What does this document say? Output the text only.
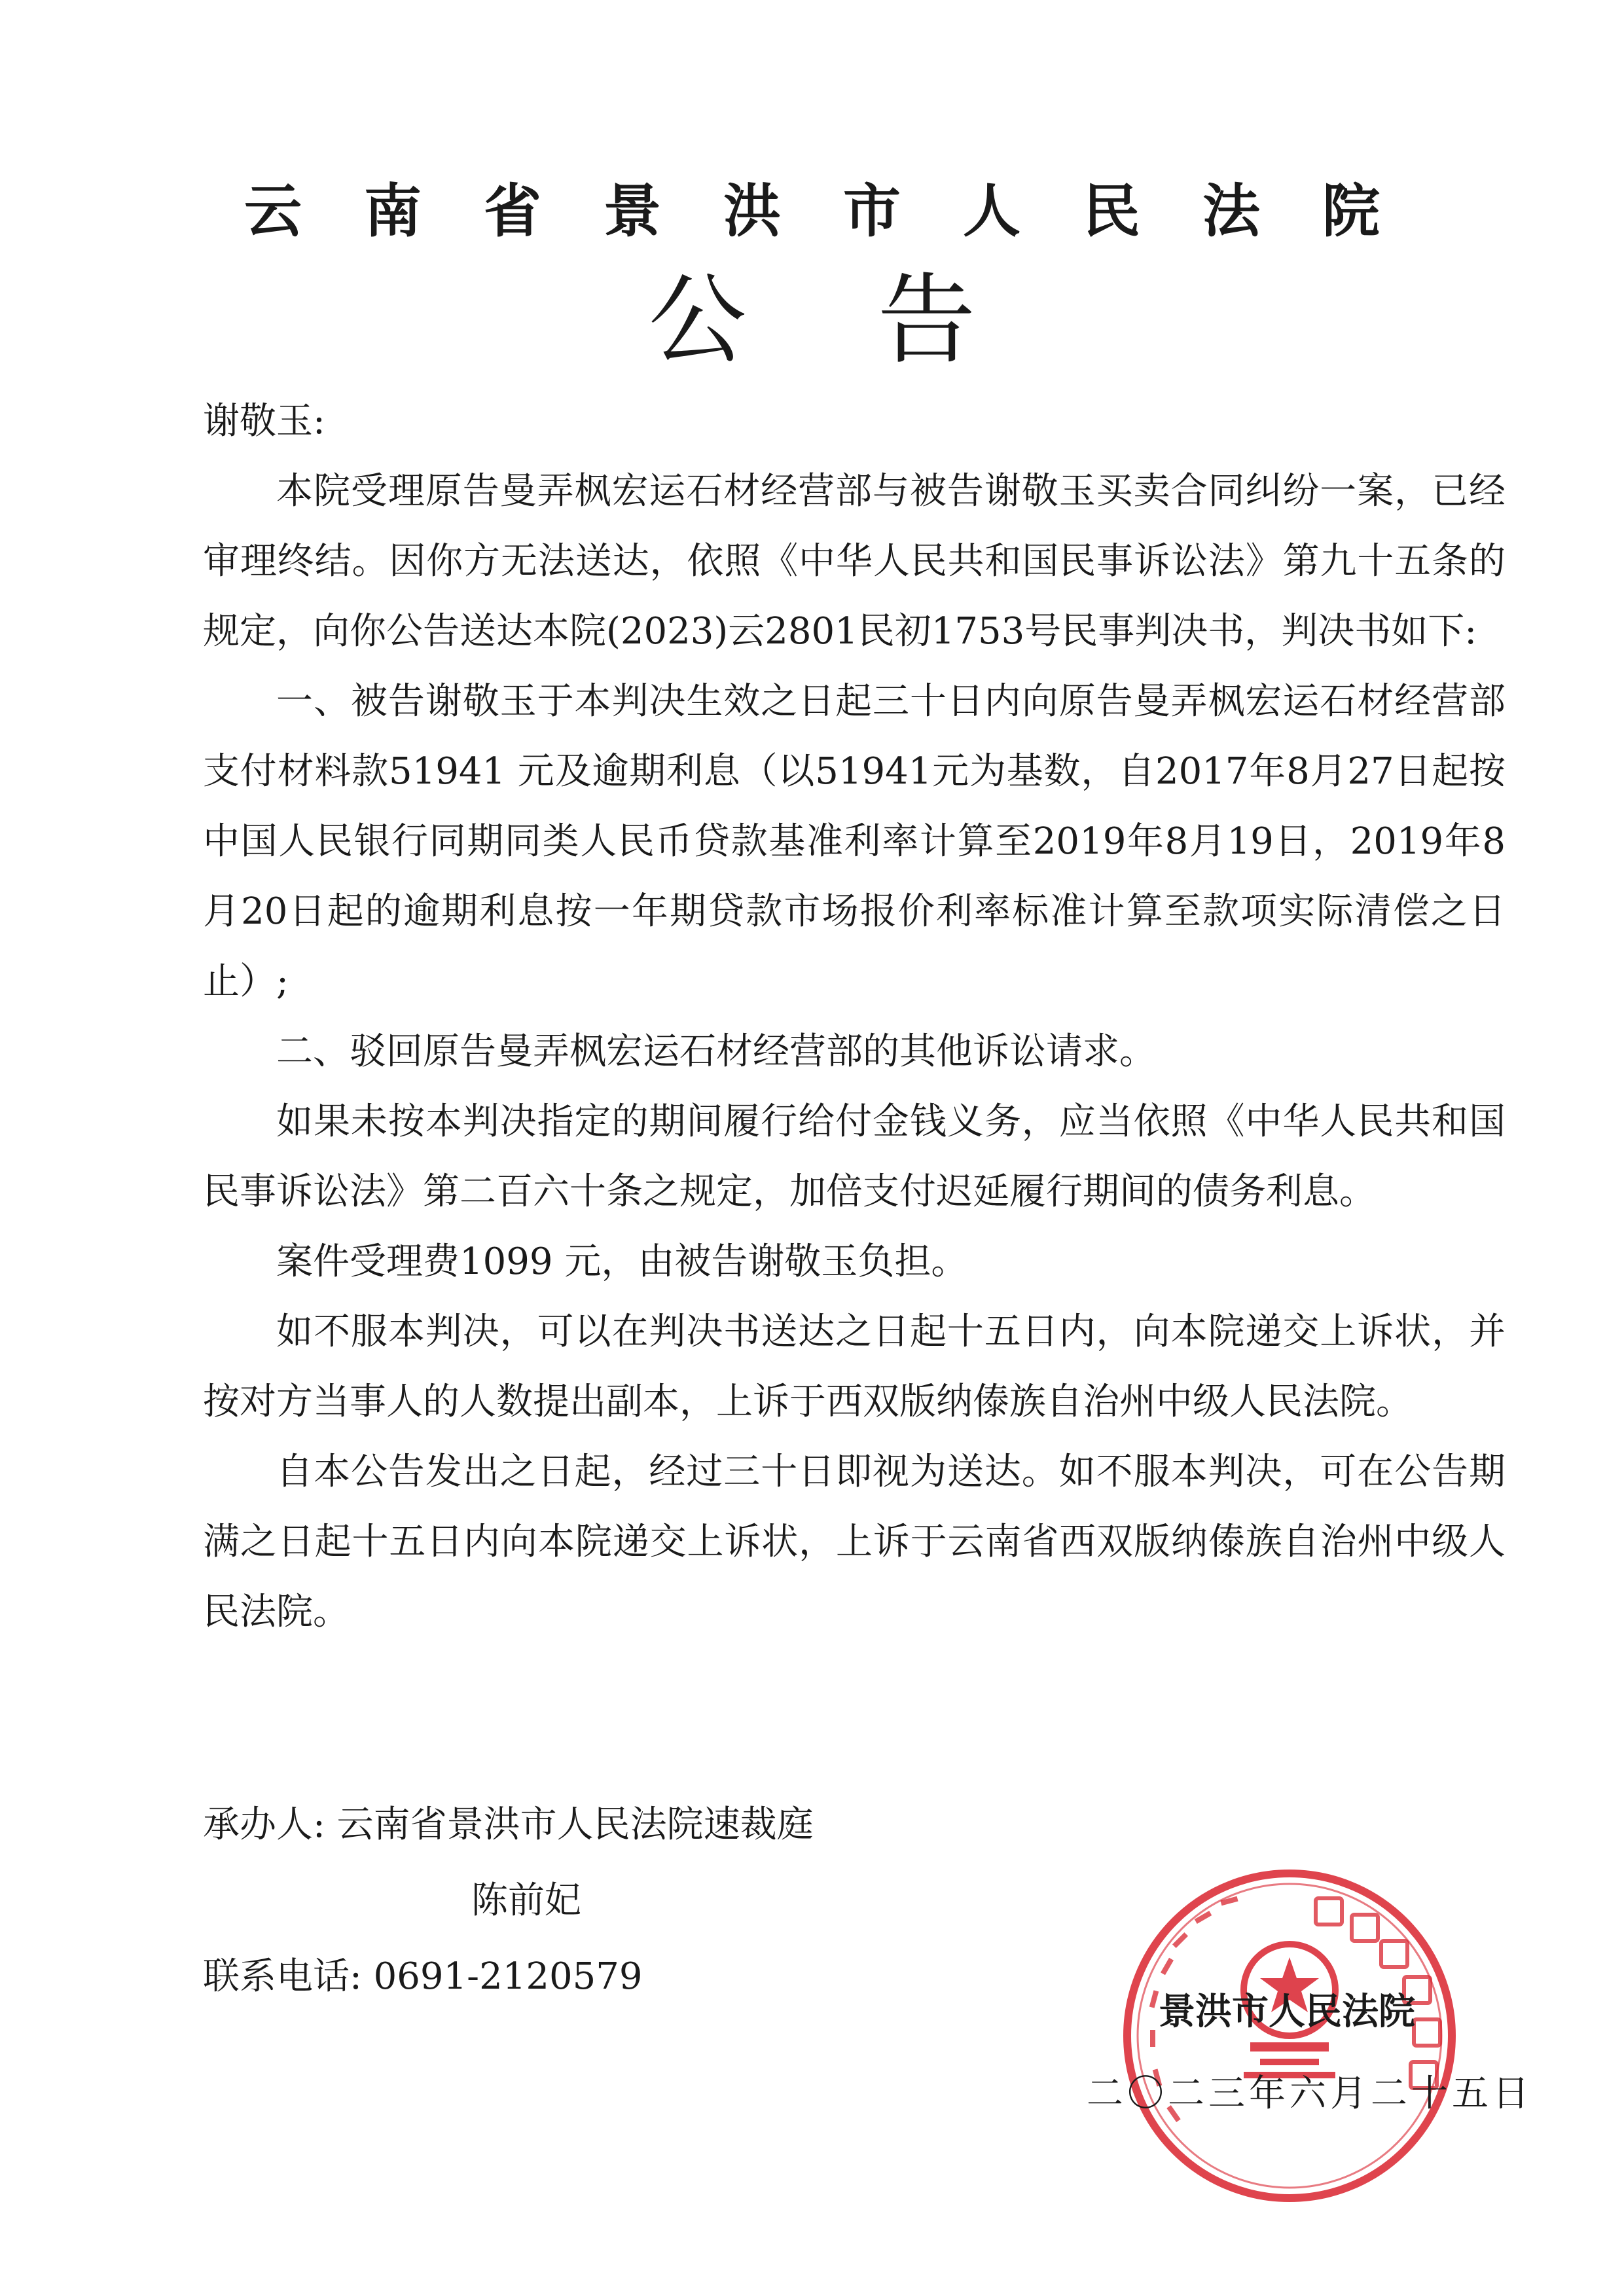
云南省景洪市人民法院
公告

谢敬玉:

本院受理原告曼弄枫宏运石材经营部与被告谢敬玉买卖合同纠纷一案，已经审理终结。因你方无法送达，依照《中华人民共和国民事诉讼法》第九十五条的规定，向你公告送达本院(2023)云2801民初1753号民事判决书，判决书如下:

一、被告谢敬玉于本判决生效之日起三十日内向原告曼弄枫宏运石材经营部支付材料款51941 元及逾期利息（以51941元为基数，自2017年8月27日起按中国人民银行同期同类人民币贷款基准利率计算至2019年8月19日，2019年8月20日起的逾期利息按一年期贷款市场报价利率标准计算至款项实际清偿之日止）;

二、驳回原告曼弄枫宏运石材经营部的其他诉讼请求。

如果未按本判决指定的期间履行给付金钱义务，应当依照《中华人民共和国民事诉讼法》第二百六十条之规定，加倍支付迟延履行期间的债务利息。

案件受理费1099 元，由被告谢敬玉负担。

如不服本判决，可以在判决书送达之日起十五日内，向本院递交上诉状，并按对方当事人的人数提出副本，上诉于西双版纳傣族自治州中级人民法院。

自本公告发出之日起，经过三十日即视为送达。如不服本判决，可在公告期满之日起十五日内向本院递交上诉状，上诉于云南省西双版纳傣族自治州中级人民法院。

承办人: 云南省景洪市人民法院速裁庭
陈前妃
联系电话: 0691-2120579
景洪市人民法院
二〇二三年六月二十五日
